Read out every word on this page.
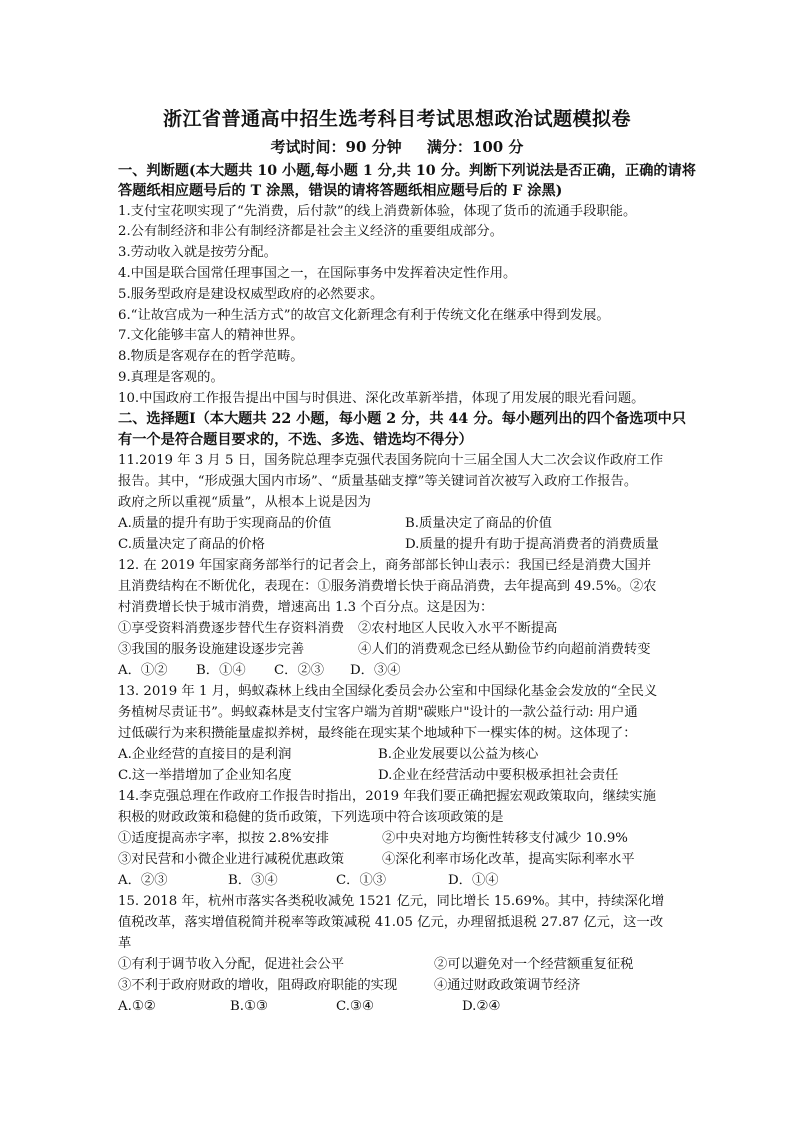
浙江省普通高中招生选考科目考试思想政治试题模拟卷
考试时间：90 分钟 满分：100 分
一、判断题(本大题共 10 小题,每小题 1 分,共 10 分。判断下列说法是否正确，正确的请将
答题纸相应题号后的 T 涂黑，错误的请将答题纸相应题号后的 F 涂黑)
1.支付宝花呗实现了“先消费，后付款”的线上消费新体验，体现了货币的流通手段职能。
2.公有制经济和非公有制经济都是社会主义经济的重要组成部分。
3.劳动收入就是按劳分配。
4.中国是联合国常任理事国之一，在国际事务中发挥着决定性作用。
5.服务型政府是建设权威型政府的必然要求。
6.“让故宫成为一种生活方式”的故宫文化新理念有利于传统文化在继承中得到发展。
7.文化能够丰富人的精神世界。
8.物质是客观存在的哲学范畴。
9.真理是客观的。
10.中国政府工作报告提出中国与时俱进、深化改革新举措，体现了用发展的眼光看问题。
二、选择题Ⅰ（本大题共 22 小题，每小题 2 分，共 44 分。每小题列出的四个备选项中只
有一个是符合题目要求的，不选、多选、错选均不得分）
11.2019 年 3 月 5 日，国务院总理李克强代表国务院向十三届全国人大二次会议作政府工作
报告。其中，“形成强大国内市场”、“质量基础支撑”等关键词首次被写入政府工作报告。
政府之所以重视“质量”，从根本上说是因为
A.质量的提升有助于实现商品的价值	B.质量决定了商品的价值
C.质量决定了商品的价格	D.质量的提升有助于提高消费者的消费质量
12. 在 2019 年国家商务部举行的记者会上，商务部部长钟山表示：我国已经是消费大国并
且消费结构在不断优化，表现在：①服务消费增长快于商品消费，去年提高到 49.5%。②农
村消费增长快于城市消费，增速高出 1.3 个百分点。这是因为：
①享受资料消费逐步替代生存资料消费 ②农村地区人民收入水平不断提高
③我国的服务设施建设逐步完善	④人们的消费观念已经从勤俭节约向超前消费转变
A．①② B．①④ C．②③ D．③④
13. 2019 年 1 月，蚂蚁森林上线由全国绿化委员会办公室和中国绿化基金会发放的“全民义
务植树尽责证书”。蚂蚁森林是支付宝客户端为首期"碳账户"设计的一款公益行动: 用户通
过低碳行为来积攒能量虚拟养树，最终能在现实某个地域种下一棵实体的树。这体现了：
A.企业经营的直接目的是利润	B.企业发展要以公益为核心
C.这一举措增加了企业知名度	D.企业在经营活动中要积极承担社会责任
14.李克强总理在作政府工作报告时指出，2019 年我们要正确把握宏观政策取向，继续实施
积极的财政政策和稳健的货币政策，下列选项中符合该项政策的是
①适度提高赤字率，拟按 2.8%安排	②中央对地方均衡性转移支付减少 10.9%
③对民营和小微企业进行减税优惠政策	④深化利率市场化改革，提高实际利率水平
A．②③	B．③④	C．①③	D．①④
15. 2018 年，杭州市落实各类税收减免 1521 亿元，同比增长 15.69%。其中，持续深化增
值税改革，落实增值税简并税率等政策减税 41.05 亿元，办理留抵退税 27.87 亿元，这一改
革
①有利于调节收入分配，促进社会公平	②可以避免对一个经营额重复征税
③不利于政府财政的增收，阻碍政府职能的实现	④通过财政政策调节经济
A.①②	B.①③	C.③④	D.②④
